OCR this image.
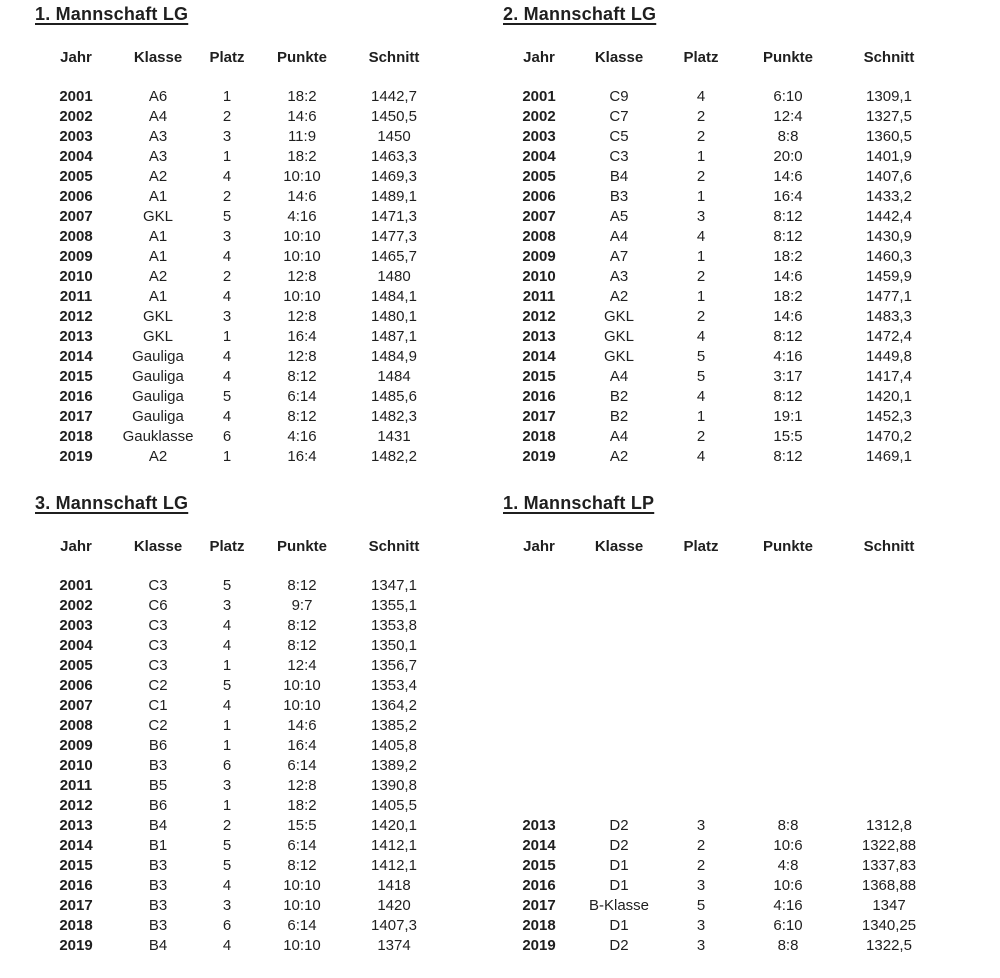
1. Mannschaft LG
Jahr	Klasse	Platz	Punkte	Schnitt

2001	A6	1	18:2	1442,7
2002	A4	2	14:6	1450,5
2003	A3	3	11:9	1450
2004	A3	1	18:2	1463,3
2005	A2	4	10:10	1469,3
2006	A1	2	14:6	1489,1
2007	GKL	5	4:16	1471,3
2008	A1	3	10:10	1477,3
2009	A1	4	10:10	1465,7
2010	A2	2	12:8	1480
2011	A1	4	10:10	1484,1
2012	GKL	3	12:8	1480,1
2013	GKL	1	16:4	1487,1
2014	Gauliga	4	12:8	1484,9
2015	Gauliga	4	8:12	1484
2016	Gauliga	5	6:14	1485,6
2017	Gauliga	4	8:12	1482,3
2018	Gauklasse	6	4:16	1431
2019	A2	1	16:4	1482,2
2. Mannschaft LG
Jahr	Klasse	Platz	Punkte	Schnitt

2001	C9	4	6:10	1309,1
2002	C7	2	12:4	1327,5
2003	C5	2	8:8	1360,5
2004	C3	1	20:0	1401,9
2005	B4	2	14:6	1407,6
2006	B3	1	16:4	1433,2
2007	A5	3	8:12	1442,4
2008	A4	4	8:12	1430,9
2009	A7	1	18:2	1460,3
2010	A3	2	14:6	1459,9
2011	A2	1	18:2	1477,1
2012	GKL	2	14:6	1483,3
2013	GKL	4	8:12	1472,4
2014	GKL	5	4:16	1449,8
2015	A4	5	3:17	1417,4
2016	B2	4	8:12	1420,1
2017	B2	1	19:1	1452,3
2018	A4	2	15:5	1470,2
2019	A2	4	8:12	1469,1
3. Mannschaft LG
Jahr	Klasse	Platz	Punkte	Schnitt

2001	C3	5	8:12	1347,1
2002	C6	3	9:7	1355,1
2003	C3	4	8:12	1353,8
2004	C3	4	8:12	1350,1
2005	C3	1	12:4	1356,7
2006	C2	5	10:10	1353,4
2007	C1	4	10:10	1364,2
2008	C2	1	14:6	1385,2
2009	B6	1	16:4	1405,8
2010	B3	6	6:14	1389,2
2011	B5	3	12:8	1390,8
2012	B6	1	18:2	1405,5
2013	B4	2	15:5	1420,1
2014	B1	5	6:14	1412,1
2015	B3	5	8:12	1412,1
2016	B3	4	10:10	1418
2017	B3	3	10:10	1420
2018	B3	6	6:14	1407,3
2019	B4	4	10:10	1374
1. Mannschaft LP
Jahr	Klasse	Platz	Punkte	Schnitt

2013	D2	3	8:8	1312,8
2014	D2	2	10:6	1322,88
2015	D1	2	4:8	1337,83
2016	D1	3	10:6	1368,88
2017	B-Klasse	5	4:16	1347
2018	D1	3	6:10	1340,25
2019	D2	3	8:8	1322,5
